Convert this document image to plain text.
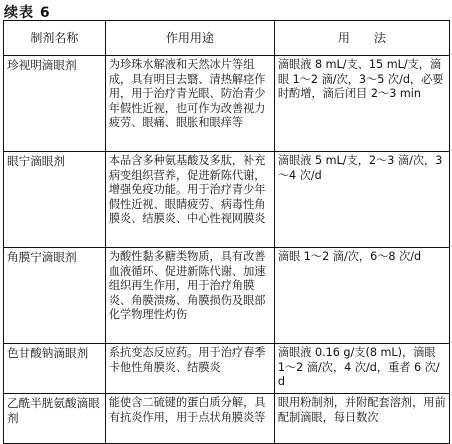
续表 6
制剂名称	作用用途	用　　法
珍视明滴眼剂	为珍珠水解液和天然冰片等组成，具有明目去翳、清热解痉作用，用于治疗青光眼、防治青少年假性近视，也可作为改善视力疲劳、眼痛、眼胀和眼痒等	滴眼液 8 mL/支、15 mL/支，滴眼 1～2 滴/次，3～5 次/d，必要时酌增，滴后闭目 2～3 min
眼宁滴眼剂	本品含多种氨基酸及多肽，补充病变组织营养，促进新陈代谢，增强免疫功能。用于治疗青少年假性近视、眼睛疲劳、病毒性角膜炎、结膜炎、中心性视网膜炎	滴眼液 5 mL/支，2～3 滴/次，3～4 次/d
角膜宁滴眼剂	为酸性黏多糖类物质，具有改善血液循环、促进新陈代谢、加速组织再生作用，用于治疗角膜炎、角膜溃疡、角膜损伤及眼部化学物理性灼伤	滴眼 1～2 滴/次，6～8 次/d
色甘酸钠滴眼剂	系抗变态反应药。用于治疗春季卡他性角膜炎、结膜炎	滴眼液 0.16 g/支(8 mL)，滴眼 1～2 滴/次，4 次/d，重者 6 次/d
乙酰半胱氨酸滴眼剂	能使含二硫键的蛋白质分解，具有抗炎作用，用于点状角膜炎等	眼用粉制剂，并附配套溶剂，用前配制滴眼，每日数次
